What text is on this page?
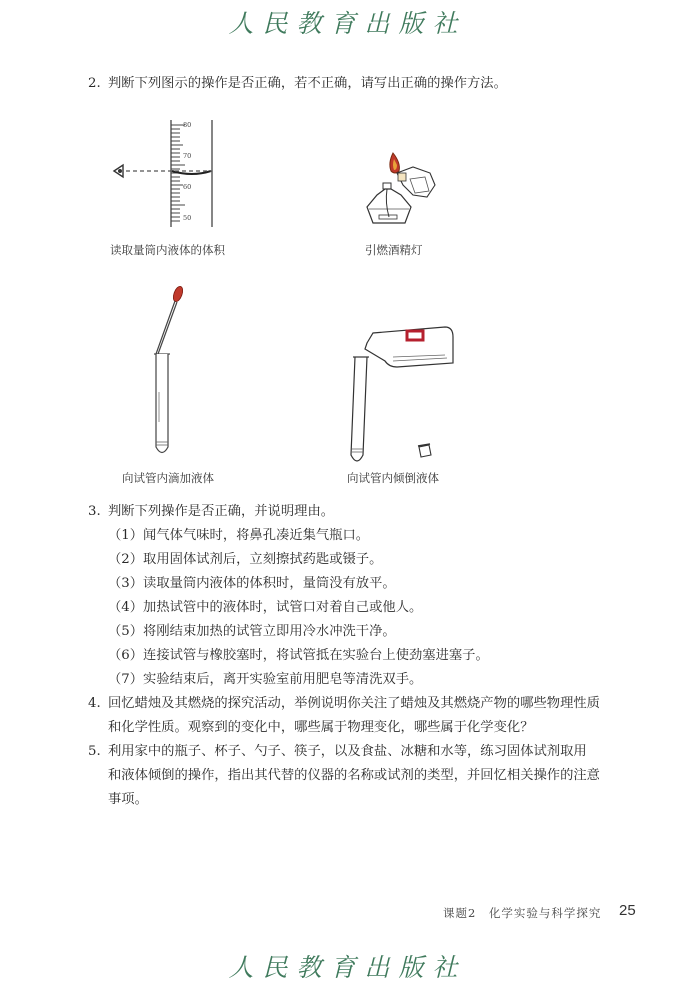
人民教育出版社
2. 判断下列图示的操作是否正确，若不正确，请写出正确的操作方法。
80
70
60
50
读取量筒内液体的体积	引燃酒精灯
向试管内滴加液体	向试管内倾倒液体
3. 判断下列操作是否正确，并说明理由。
（1）闻气体气味时，将鼻孔凑近集气瓶口。
（2）取用固体试剂后，立刻擦拭药匙或镊子。
（3）读取量筒内液体的体积时，量筒没有放平。
（4）加热试管中的液体时，试管口对着自己或他人。
（5）将刚结束加热的试管立即用冷水冲洗干净。
（6）连接试管与橡胶塞时，将试管抵在实验台上使劲塞进塞子。
（7）实验结束后，离开实验室前用肥皂等清洗双手。
4. 回忆蜡烛及其燃烧的探究活动，举例说明你关注了蜡烛及其燃烧产物的哪些物理性质
和化学性质。观察到的变化中，哪些属于物理变化，哪些属于化学变化？
5. 利用家中的瓶子、杯子、勺子、筷子，以及食盐、冰糖和水等，练习固体试剂取用
和液体倾倒的操作，指出其代替的仪器的名称或试剂的类型，并回忆相关操作的注意
事项。
课题2　化学实验与科学探究 25
人民教育出版社
